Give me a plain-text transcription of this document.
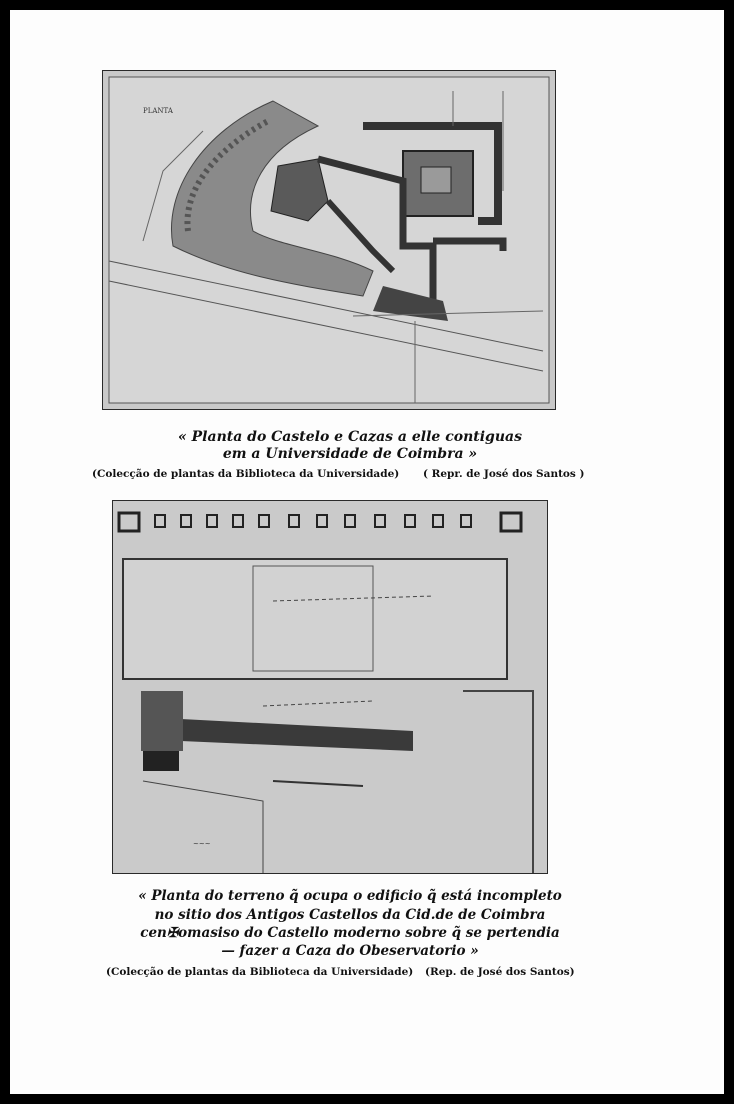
PLANTA
« Planta do Castelo e Cazas a elle contiguas
em a Universidade de Coimbra »
(Colecção de plantas da Biblioteca da Universidade) ( Repr. de José dos Santos )
~~~
« Planta do terreno q̃ ocupa o edificio q̃ está incompleto
no sitio dos Antigos Castellos da Cid.de de Coimbra
cen✠omasiso do Castello moderno sobre q̃ se pertendia
— fazer a Caza do Obeservatorio »
(Colecção de plantas da Biblioteca da Universidade) (Rep. de José dos Santos)
